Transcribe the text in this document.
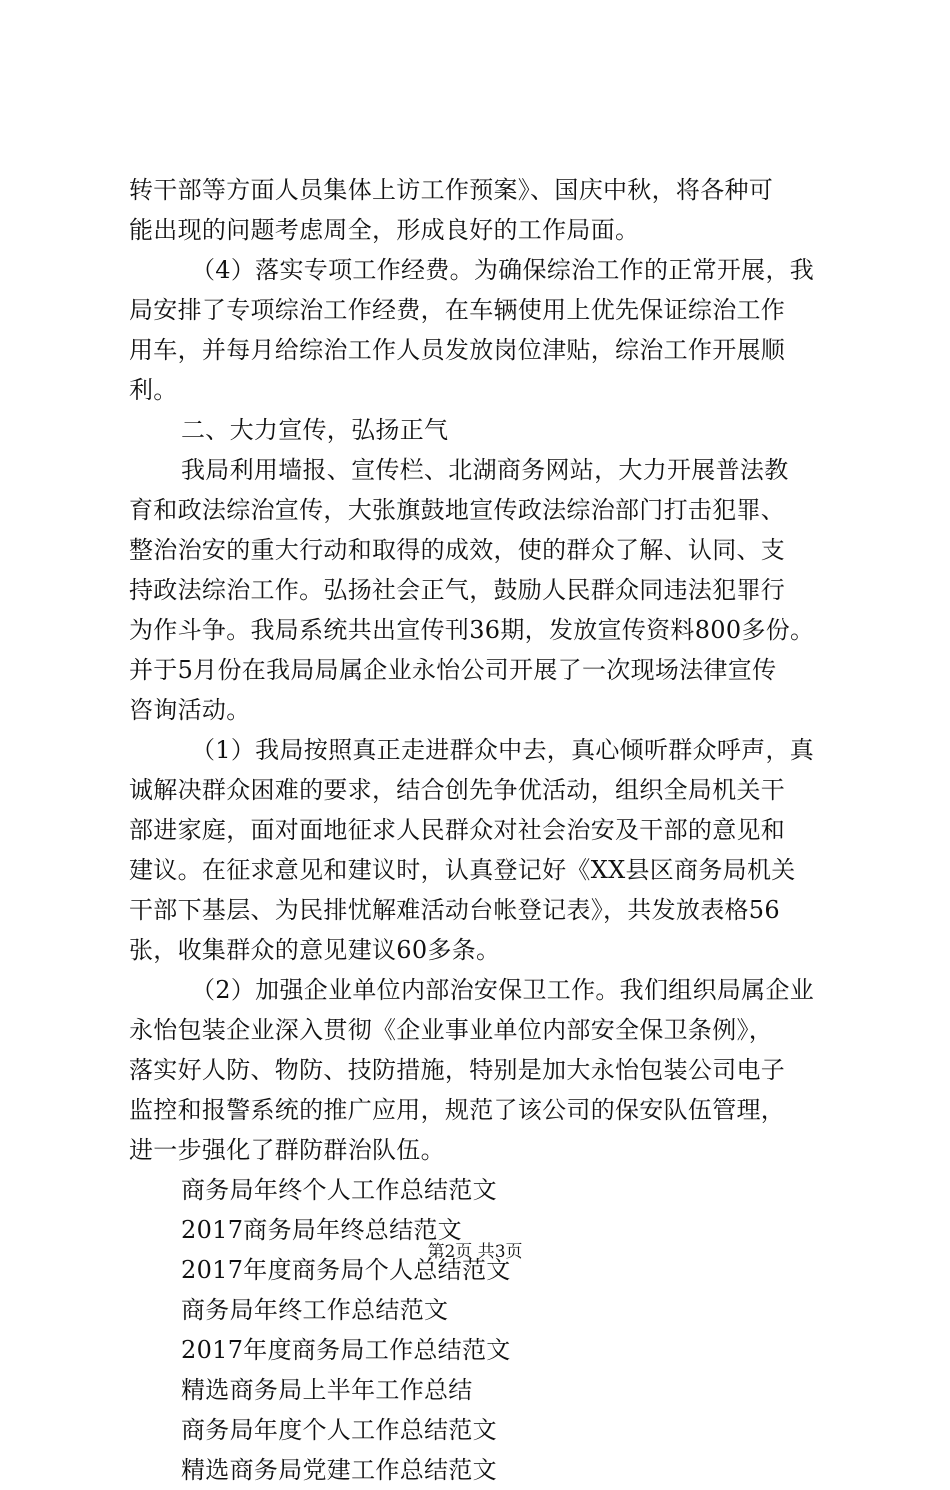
转干部等方面人员集体上访工作预案》、国庆中秋，将各种可
能出现的问题考虑周全，形成良好的工作局面。
（4）落实专项工作经费。为确保综治工作的正常开展，我
局安排了专项综治工作经费，在车辆使用上优先保证综治工作
用车，并每月给综治工作人员发放岗位津贴，综治工作开展顺
利。
二、大力宣传，弘扬正气
我局利用墙报、宣传栏、北湖商务网站，大力开展普法教
育和政法综治宣传，大张旗鼓地宣传政法综治部门打击犯罪、
整治治安的重大行动和取得的成效，使的群众了解、认同、支
持政法综治工作。弘扬社会正气，鼓励人民群众同违法犯罪行
为作斗争。我局系统共出宣传刊36期，发放宣传资料800多份。
并于5月份在我局局属企业永怡公司开展了一次现场法律宣传
咨询活动。
（1）我局按照真正走进群众中去，真心倾听群众呼声，真
诚解决群众困难的要求，结合创先争优活动，组织全局机关干
部进家庭，面对面地征求人民群众对社会治安及干部的意见和
建议。在征求意见和建议时，认真登记好《XX县区商务局机关
干部下基层、为民排忧解难活动台帐登记表》，共发放表格56
张，收集群众的意见建议60多条。
（2）加强企业单位内部治安保卫工作。我们组织局属企业
永怡包装企业深入贯彻《企业事业单位内部安全保卫条例》，
落实好人防、物防、技防措施，特别是加大永怡包装公司电子
监控和报警系统的推广应用，规范了该公司的保安队伍管理，
进一步强化了群防群治队伍。
商务局年终个人工作总结范文
2017商务局年终总结范文
2017年度商务局个人总结范文
商务局年终工作总结范文
2017年度商务局工作总结范文
精选商务局上半年工作总结
商务局年度个人工作总结范文
精选商务局党建工作总结范文
第2页 共3页
